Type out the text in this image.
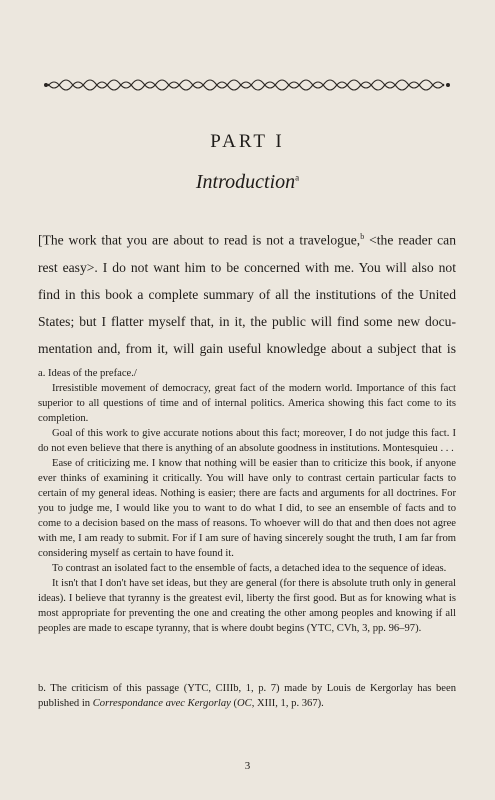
PART I
Introduction$^a$
[The work that you are about to read is not a travelogue,$^b$ <the reader can
rest easy>. I do not want him to be concerned with me. You will also not
find in this book a complete summary of all the institutions of the United
States; but I flatter myself that, in it, the public will find some new docu-
mentation and, from it, will gain useful knowledge about a subject that is

a. Ideas of the preface./

Irresistible movement of democracy, great fact of the modern world. Importance of this fact superior to all questions of time and of internal politics. America showing this fact come to its completion.

Goal of this work to give accurate notions about this fact; moreover, I do not judge this fact. I do not even believe that there is anything of an absolute goodness in institutions. Montesquieu . . .

Ease of criticizing me. I know that nothing will be easier than to criticize this book, if anyone ever thinks of examining it critically. You will have only to contrast certain particular facts to certain of my general ideas. Nothing is easier; there are facts and arguments for all doctrines. For you to judge me, I would like you to want to do what I did, to see an ensemble of facts and to come to a decision based on the mass of reasons. To whoever will do that and then does not agree with me, I am ready to submit. For if I am sure of having sincerely sought the truth, I am far from considering myself as certain to have found it.

To contrast an isolated fact to the ensemble of facts, a detached idea to the sequence of ideas.

It isn't that I don't have set ideas, but they are general (for there is absolute truth only in general ideas). I believe that tyranny is the greatest evil, liberty the first good. But as for knowing what is most appropriate for preventing the one and creating the other among peoples and knowing if all peoples are made to escape tyranny, that is where doubt begins (YTC, CVh, 3, pp. 96–97).

b. The criticism of this passage (YTC, CIIIb, 1, p. 7) made by Louis de Kergorlay has been published in Correspondance avec Kergorlay (OC, XIII, 1, p. 367).

3
